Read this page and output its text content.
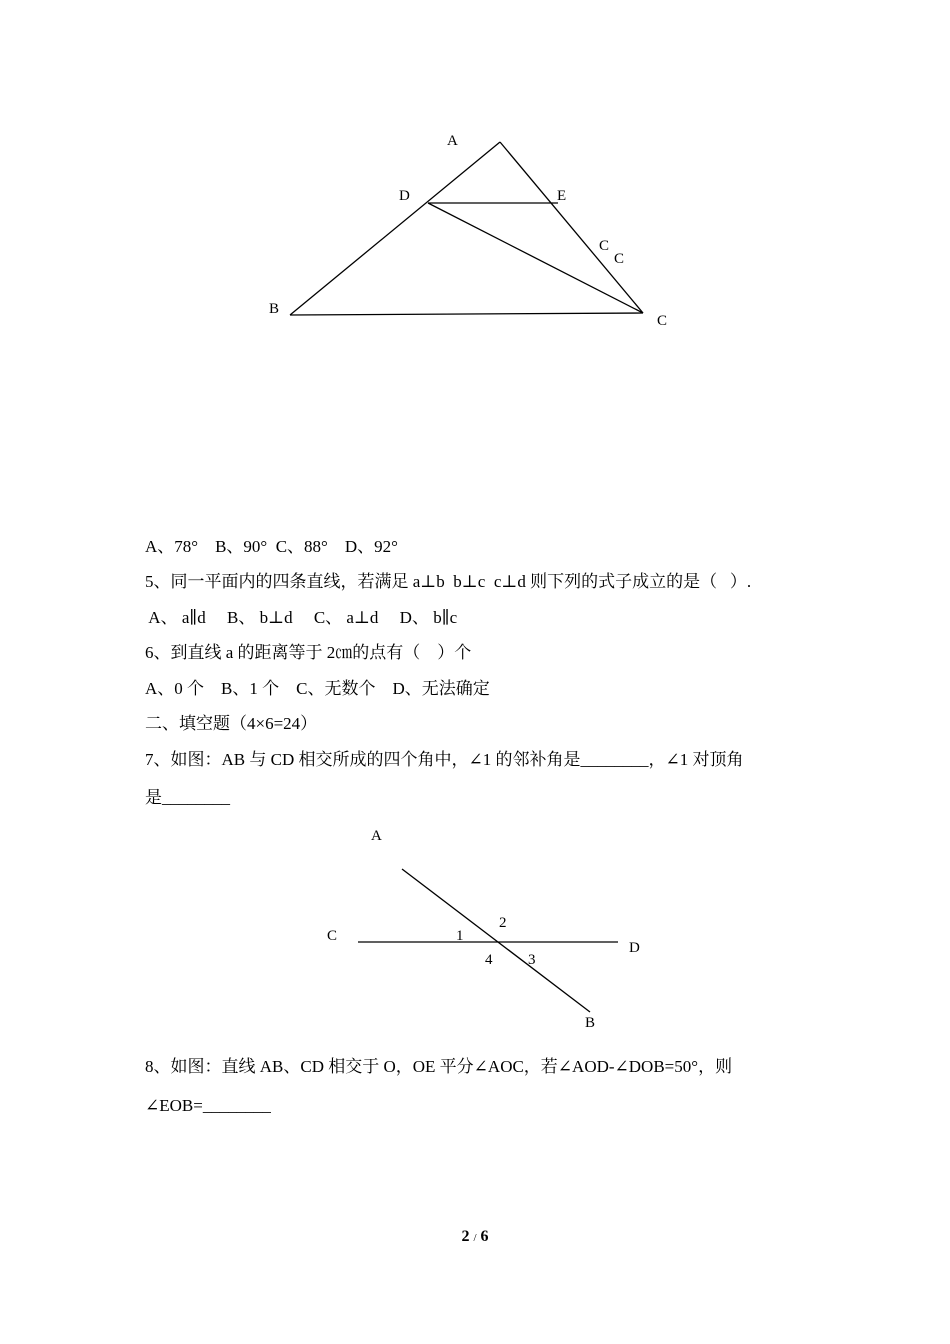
A
D	E
C
C
B
C
A、78°　B、90°  C、88°　D、92°
5、同一平面内的四条直线，若满足 a⊥b  b⊥c  c⊥d 则下列的式子成立的是（   ）.
A、 a∥d　 B、 b⊥d　 C、 a⊥d　 D、 b∥c
6、到直线 a 的距离等于 2㎝的点有（    ）个
A、0 个　B、1 个　C、无数个　D、无法确定
二、填空题（4×6=24）
7、如图：AB 与 CD 相交所成的四个角中，∠1 的邻补角是________，∠1 对顶角
是________
A
C
D
B
1
2
3
4
8、如图：直线 AB、CD 相交于 O，OE 平分∠AOC，若∠AOD-∠DOB=50°，则
∠EOB=________
2 / 6
